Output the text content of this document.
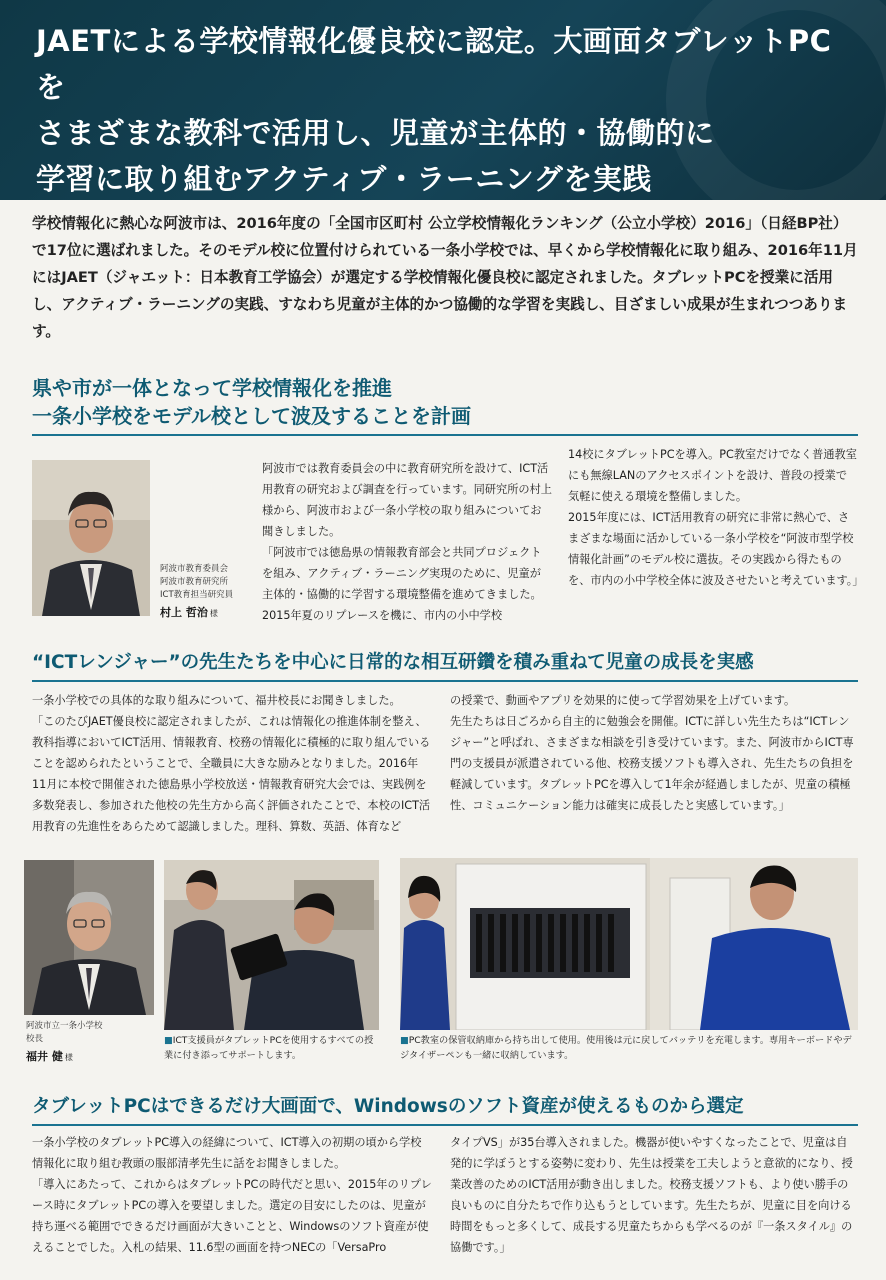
JAETによる学校情報化優良校に認定。大画面タブレットPCを
さまざまな教科で活用し、児童が主体的・協働的に
学習に取り組むアクティブ・ラーニングを実践

学校情報化に熱心な阿波市は、2016年度の「全国市区町村 公立学校情報化ランキング（公立小学校）2016」（日経BP社）で17位に選ばれました。そのモデル校に位置付けられている一条小学校では、早くから学校情報化に取り組み、2016年11月にはJAET（ジャエット：日本教育工学協会）が選定する学校情報化優良校に認定されました。タブレットPCを授業に活用し、アクティブ・ラーニングの実践、すなわち児童が主体的かつ協働的な学習を実践し、目ざましい成果が生まれつつあります。

県や市が一体となって学校情報化を推進
一条小学校をモデル校として波及することを計画
阿波市教育委員会
阿波市教育研究所
ICT教育担当研究員
村上 哲治 様

阿波市では教育委員会の中に教育研究所を設けて、ICT活用教育の研究および調査を行っています。同研究所の村上様から、阿波市および一条小学校の取り組みについてお聞きしました。
「阿波市では徳島県の情報教育部会と共同プロジェクトを組み、アクティブ・ラーニング実現のために、児童が主体的・協働的に学習する環境整備を進めてきました。2015年夏のリプレースを機に、市内の小中学校

14校にタブレットPCを導入。PC教室だけでなく普通教室にも無線LANのアクセスポイントを設け、普段の授業で気軽に使える環境を整備しました。
2015年度には、ICT活用教育の研究に非常に熱心で、さまざまな場面に活かしている一条小学校を“阿波市型学校情報化計画”のモデル校に選抜。その実践から得たものを、市内の小中学校全体に波及させたいと考えています。」

“ICTレンジャー”の先生たちを中心に日常的な相互研鑽を積み重ねて児童の成長を実感

一条小学校での具体的な取り組みについて、福井校長にお聞きしました。
「このたびJAET優良校に認定されましたが、これは情報化の推進体制を整え、教科指導においてICT活用、情報教育、校務の情報化に積極的に取り組んでいることを認められたということで、全職員に大きな励みとなりました。2016年11月に本校で開催された徳島県小学校放送・情報教育研究大会では、実践例を多数発表し、参加された他校の先生方から高く評価されたことで、本校のICT活用教育の先進性をあらためて認識しました。理科、算数、英語、体育など

の授業で、動画やアプリを効果的に使って学習効果を上げています。
先生たちは日ごろから自主的に勉強会を開催。ICTに詳しい先生たちは“ICTレンジャー”と呼ばれ、さまざまな相談を引き受けています。また、阿波市からICT専門の支援員が派遣されている他、校務支援ソフトも導入され、先生たちの負担を軽減しています。タブレットPCを導入して1年余が経過しましたが、児童の積極性、コミュニケーション能力は確実に成長したと実感しています。」

阿波市立一条小学校
校長
福井 健 様
■ICT支援員がタブレットPCを使用するすべての授業に付き添ってサポートします。
■PC教室の保管収納庫から持ち出して使用。使用後は元に戻してバッテリを充電します。専用キーボードやデジタイザーペンも一緒に収納しています。
タブレットPCはできるだけ大画面で、Windowsのソフト資産が使えるものから選定

一条小学校のタブレットPC導入の経緯について、ICT導入の初期の頃から学校情報化に取り組む教頭の服部清孝先生に話をお聞きしました。
「導入にあたって、これからはタブレットPCの時代だと思い、2015年のリプレース時にタブレットPCの導入を要望しました。選定の目安にしたのは、児童が持ち運べる範囲でできるだけ画面が大きいことと、Windowsのソフト資産が使えることでした。入札の結果、11.6型の画面を持つNECの「VersaPro

タイプVS」が35台導入されました。機器が使いやすくなったことで、児童は自発的に学ぼうとする姿勢に変わり、先生は授業を工夫しようと意欲的になり、授業改善のためのICT活用が動き出しました。校務支援ソフトも、より使い勝手の良いものに自分たちで作り込もうとしています。先生たちが、児童に目を向ける時間をもっと多くして、成長する児童たちからも学べるのが『一条スタイル』の協働です。」
